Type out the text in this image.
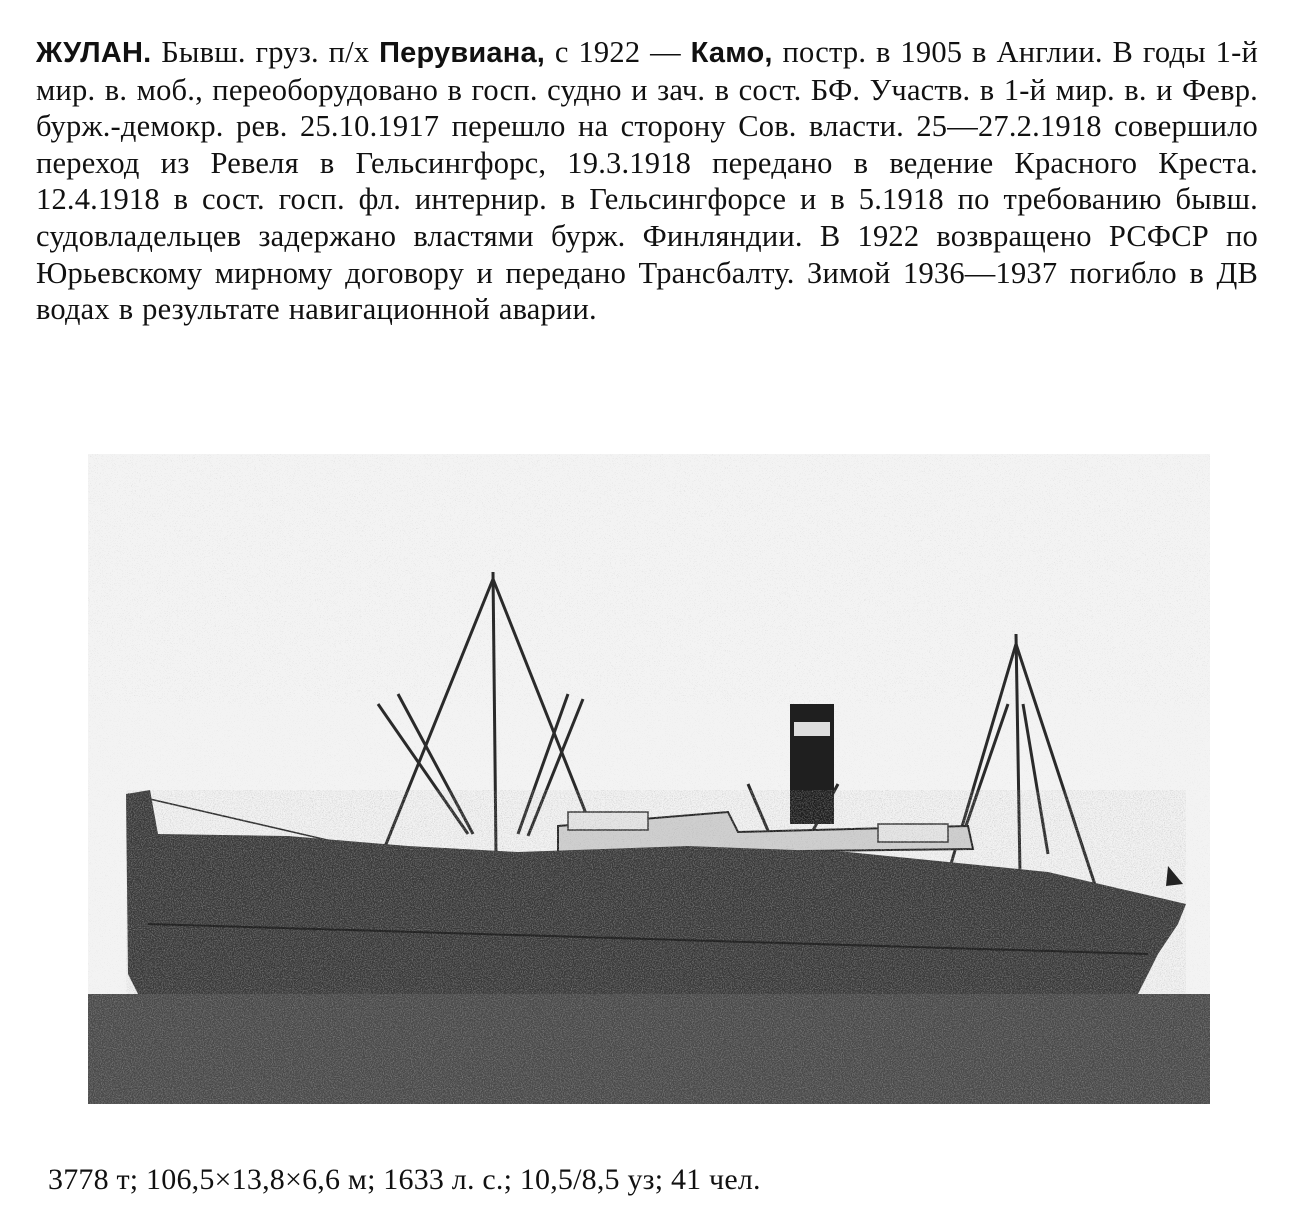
ЖУЛАН. Бывш. груз. п/х Перувиана, с 1922 — Камо, постр. в 1905 в Англии. В годы 1-й мир. в. моб., переоборудовано в госп. судно и зач. в сост. БФ. Участв. в 1-й мир. в. и Февр. бурж.-демокр. рев. 25.10.1917 перешло на сторону Сов. власти. 25—27.2.1918 совершило переход из Ревеля в Гельсингфорс, 19.3.1918 передано в ведение Красного Креста. 12.4.1918 в сост. госп. фл. интернир. в Гельсингфорсе и в 5.1918 по требованию бывш. судовладельцев задержано властями бурж. Финляндии. В 1922 возвращено РСФСР по Юрьевскому мирному договору и передано Трансбалту. Зимой 1936—1937 погибло в ДВ водах в результате навигационной аварии.
3778 т; 106,5×13,8×6,6 м; 1633 л. с.; 10,5/8,5 уз; 41 чел.
